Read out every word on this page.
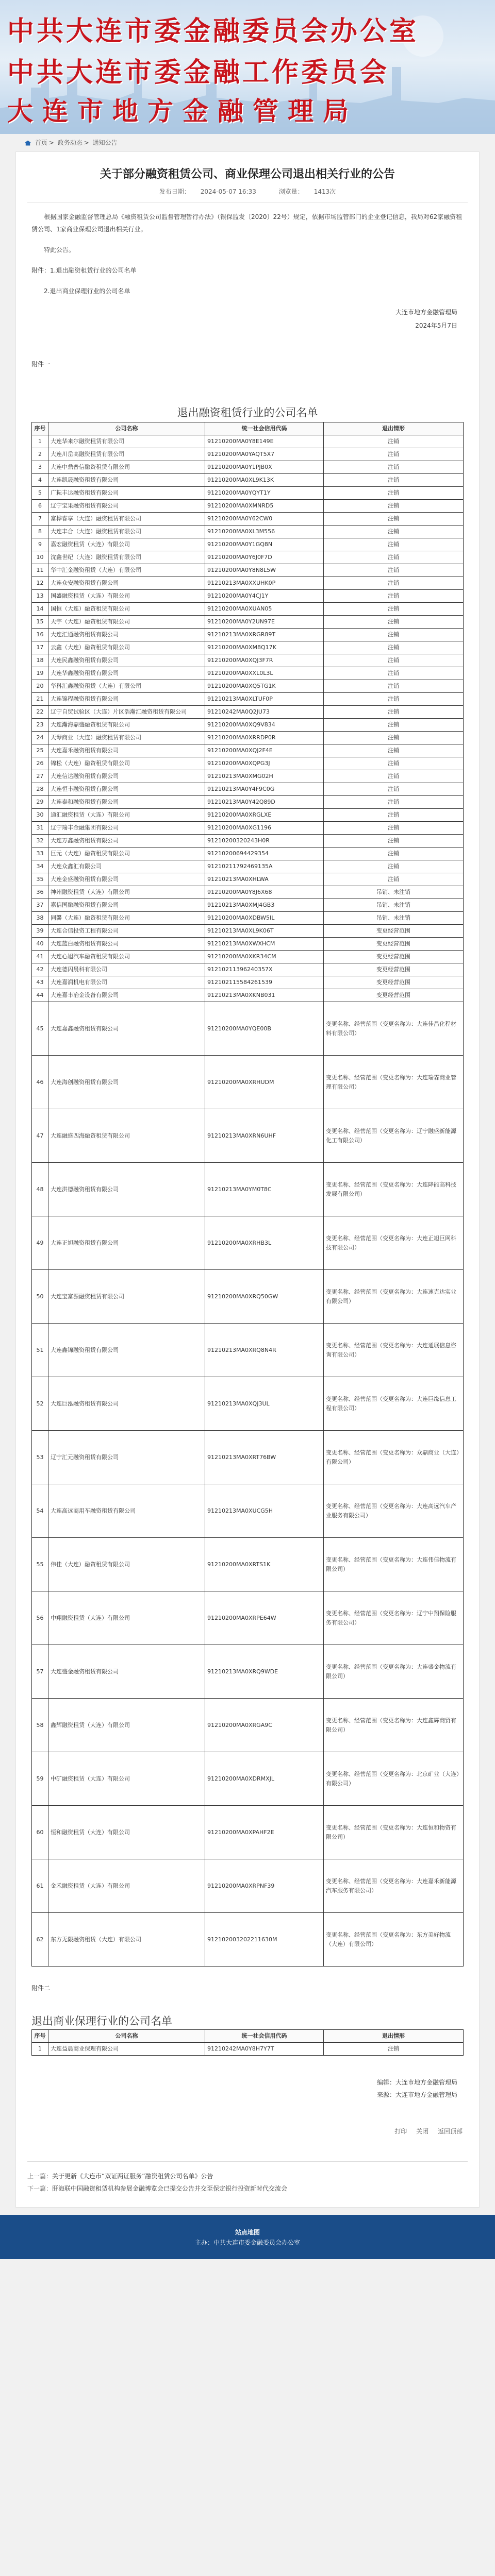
中共大连市委金融委员会办公室
中共大连市委金融工作委员会
大连市地方金融管理局
首页 > 政务动态 > 通知公告
关于部分融资租赁公司、商业保理公司退出相关行业的公告
发布日期： 2024-05-07 16:33	浏览量： 1413次

根据国家金融监督管理总局《融资租赁公司监督管理暂行办法》（银保监发〔2020〕22号）规定，依据市场监管部门的企业登记信息，我局对62家融资租赁公司、1家商业保理公司退出相关行业。

特此公告。

附件：1.退出融资租赁行业的公司名单

2.退出商业保理行业的公司名单

大连市地方金融管理局
2024年5月7日
附件一
退出融资租赁行业的公司名单
序号	公司名称	统一社会信用代码	退出情形
1	大连华来尔融资租赁有限公司	91210200MA0Y8E149E	注销
2	大连川岳高融资租赁有限公司	91210200MA0YAQT5X7	注销
3	大连中鼎普信融资租赁有限公司	91210200MA0Y1PJB0X	注销
4	大连凯晟融资租赁有限公司	91210200MA0XL9K13K	注销
5	广耘丰达融资租赁有限公司	91210200MA0YQYT1Y	注销
6	辽宁宝果融资租赁有限公司	91210200MA0XMNRD5	注销
7	富桦睿享（大连）融资租赁有限公司	91210200MA0Y62CW0	注销
8	大连丰合（大连）融资租赁有限公司	91210200MA0XL3M556	注销
9	嘉宏融资租赁（大连）有限公司	91210200MA0Y1GQ8N	注销
10	沈鑫世纪（大连）融资租赁有限公司	91210200MA0Y6J0F7D	注销
11	华中汇金融资租赁（大连）有限公司	91210200MA0Y8N8L5W	注销
12	大连众安融资租赁有限公司	91210213MA0XXUHK0P	注销
13	国盛融资租赁（大连）有限公司	91210200MA0Y4CJ1Y	注销
14	国恒（大连）融资租赁有限公司	91210200MA0XUAN05	注销
15	天宇（大连）融资租赁有限公司	91210200MA0Y2UN97E	注销
16	大连汇通融资租赁有限公司	91210213MA0XRGR89T	注销
17	云鑫（大连）融资租赁有限公司	91210200MA0XM8Q17K	注销
18	大连民鑫融资租赁有限公司	91210200MA0XQJ3F7R	注销
19	大连华鑫融资租赁有限公司	91210200MA0XXL0L3L	注销
20	华科汇鑫融资租赁（大连）有限公司	91210200MA0XQ5TG1K	注销
21	大连锦程融资租赁有限公司	91210213MA0XLTUF0P	注销
22	辽宁自贸试验区（大连）片区浩瀚汇融资租赁有限公司	91210242MA0Q2JU73	注销
23	大连瀚海鼎盛融资租赁有限公司	91210200MA0XQ9V834	注销
24	天琴商业（大连）融资租赁有限公司	91210200MA0XRRDP0R	注销
25	大连嘉禾融资租赁有限公司	91210200MA0XQJ2F4E	注销
26	锦松（大连）融资租赁有限公司	91210200MA0XQPG3J	注销
27	大连信达融资租赁有限公司	91210213MA0XMG02H	注销
28	大连恒丰融资租赁有限公司	91210213MA0Y4F9C0G	注销
29	大连泰和融资租赁有限公司	91210213MA0Y42Q89D	注销
30	通汇融资租赁（大连）有限公司	91210200MA0XRGLXE	注销
31	辽宁瑞丰金融集团有限公司	91210200MA0XG1196	注销
32	大连万鑫融资租赁有限公司	91210200320243H0R	注销
33	巨元（大连）融资租赁有限公司	91210200694429354	注销
34	大连众鑫汇有限公司	91210211792469135A	注销
35	大连金盛融资租赁有限公司	91210213MA0XHLWA	注销
36	神州融资租赁（大连）有限公司	91210200MA0Y8J6X68	吊销、未注销
37	嘉信国融融资租赁有限公司	91210213MA0XMJ4GB3	吊销、未注销
38	同馨（大连）融资租赁有限公司	91210200MA0XDBW5IL	吊销、未注销
39	大连合信投资工程有限公司	91210213MA0XL9K06T	变更经营范围
40	大连蓝白融资租赁有限公司	91210213MA0XWXHCM	变更经营范围
41	大连心旭汽车融资租赁有限公司	91210200MA0XKR34CM	变更经营范围
42	大连德闪晨科有限公司	91210211396240357X	变更经营范围
43	大连嘉润机电有限公司	912102115584261539	变更经营范围
44	大连嘉丰冶金设备有限公司	91210213MA0XKNB031	变更经营范围
45	大连嘉鑫融资租赁有限公司	91210200MA0YQE00B	变更名称、经营范围（变更名称为：大连佳昌化程材料有限公司）
46	大连海创融资租赁有限公司	91210200MA0XRHUDM	变更名称、经营范围（变更名称为：大连瑞霖商业管理有限公司）
47	大连融盛四海融资租赁有限公司	91210213MA0XRN6UHF	变更名称、经营范围（变更名称为：辽宁融盛新能源化工有限公司）
48	大连洪德融资租赁有限公司	91210213MA0YM0T8C	变更名称、经营范围（变更名称为：大连降能高科技发展有限公司）
49	大连正旭融资租赁有限公司	91210200MA0XRHB3L	变更名称、经营范围（变更名称为：大连正旭巨网科技有限公司）
50	大连宝富源融资租赁有限公司	91210200MA0XRQ50GW	变更名称、经营范围（变更名称为：大连速克达实业有限公司）
51	大连鑫锦融资租赁有限公司	91210213MA0XRQ8N4R	变更名称、经营范围（变更名称为：大连通展信息咨询有限公司）
52	大连巨泓融资租赁有限公司	91210213MA0XQJ3UL	变更名称、经营范围（变更名称为：大连巨缘信息工程有限公司）
53	辽宁汇元融资租赁有限公司	91210213MA0XRT76BW	变更名称、经营范围（变更名称为：众鼎商业（大连）有限公司）
54	大连高远商用车融资租赁有限公司	91210213MA0XUCG5H	变更名称、经营范围（变更名称为：大连高远汽车产业服务有限公司）
55	伟佳（大连）融资租赁有限公司	91210200MA0XRTS1K	变更名称、经营范围（变更名称为：大连伟佳物流有限公司）
56	中翔融资租赁（大连）有限公司	91210200MA0XRPE64W	变更名称、经营范围（变更名称为：辽宁中翔保险服务有限公司）
57	大连盛金融资租赁有限公司	91210213MA0XRQ9WDE	变更名称、经营范围（变更名称为：大连盛金物流有限公司）
58	鑫辉融资租赁（大连）有限公司	91210200MA0XRGA9C	变更名称、经营范围（变更名称为：大连鑫辉商贸有限公司）
59	中矿融资租赁（大连）有限公司	91210200MA0XDRMXJL	变更名称、经营范围（变更名称为：北京矿业（大连）有限公司）
60	恒和融资租赁（大连）有限公司	91210200MA0XPAHF2E	变更名称、经营范围（变更名称为：大连恒和物资有限公司）
61	金禾融资租赁（大连）有限公司	91210200MA0XRPNF39	变更名称、经营范围（变更名称为：大连嘉禾新能源汽车服务有限公司）
62	东方无限融资租赁（大连）有限公司	912102003202211630M	变更名称、经营范围（变更名称为：东方美好物流（大连）有限公司）
附件二
退出商业保理行业的公司名单
序号	公司名称	统一社会信用代码	退出情形
1	大连益晨商业保理有限公司	91210242MA0Y8H7Y7T	注销
编辑：大连市地方金融管理局
来源：大连市地方金融管理局
打印 关闭 返回顶部
上一篇：关于更新《大连市“双证两证服务”融资租赁公司名单》公告
下一篇：肝海联中国融资租赁机构参展金融博览会已提交公告并交至保定银行投资新时代交流会
站点地图
主办：中共大连市委金融委员会办公室
